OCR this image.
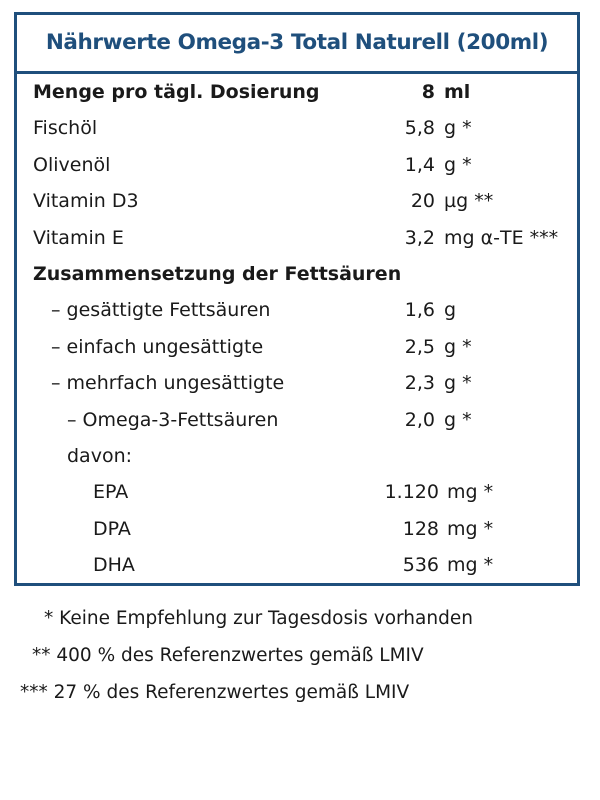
Nährwerte Omega-3 Total Naturell (200ml)
Menge pro tägl. Dosierung	8 ml
Fischöl	5,8 g *
Olivenöl	1,4 g *
Vitamin D3	20 µg **
Vitamin E	3,2 mg α-TE ***
Zusammensetzung der Fettsäuren
– gesättigte Fettsäuren	1,6 g
– einfach ungesättigte	2,5 g *
– mehrfach ungesättigte	2,3 g *
– Omega-3-Fettsäuren	2,0 g *
davon:
EPA	1.120 mg *
DPA	128 mg *
DHA	536 mg *
* Keine Empfehlung zur Tagesdosis vorhanden
** 400 % des Referenzwertes gemäß LMIV
*** 27 % des Referenzwertes gemäß LMIV
